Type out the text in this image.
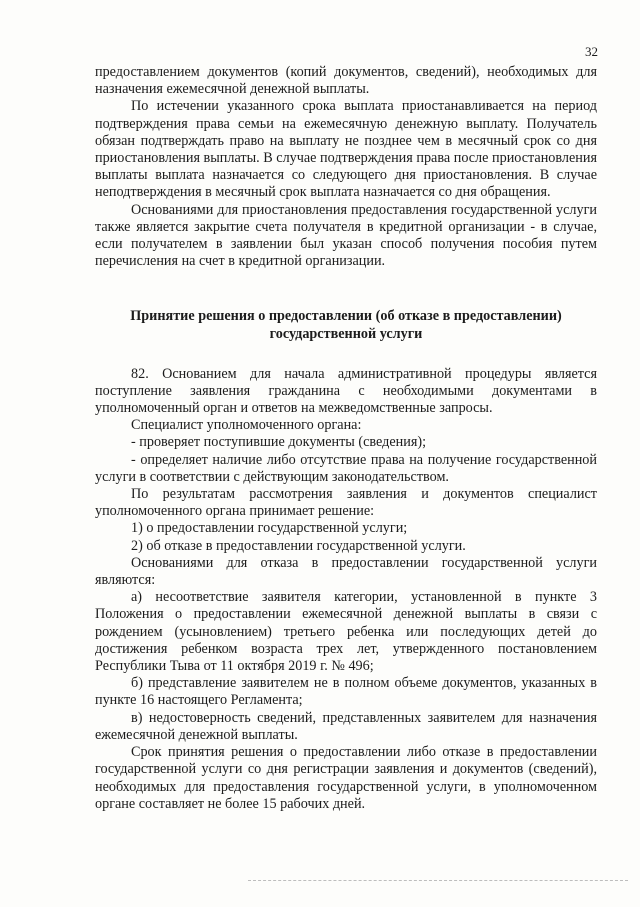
32

предоставлением документов (копий документов, сведений), необходимых для назначения ежемесячной денежной выплаты.

По истечении указанного срока выплата приостанавливается на период подтверждения права семьи на ежемесячную денежную выплату. Получатель обязан подтверждать право на выплату не позднее чем в месячный срок со дня приостановления выплаты. В случае подтверждения права после приостановления выплаты выплата назначается со следующего дня приостановления. В случае неподтверждения в месячный срок выплата назначается со дня обращения.

Основаниями для приостановления предоставления государственной услуги также является закрытие счета получателя в кредитной организации - в случае, если получателем в заявлении был указан способ получения пособия путем перечисления на счет в кредитной организации.

Принятие решения о предоставлении (об отказе в предоставлении) государственной услуги

82. Основанием для начала административной процедуры является поступление заявления гражданина с необходимыми документами в уполномоченный орган и ответов на межведомственные запросы.

Специалист уполномоченного органа:

- проверяет поступившие документы (сведения);

- определяет наличие либо отсутствие права на получение государственной услуги в соответствии с действующим законодательством.

По результатам рассмотрения заявления и документов специалист уполномоченного органа принимает решение:

1) о предоставлении государственной услуги;

2) об отказе в предоставлении государственной услуги.

Основаниями для отказа в предоставлении государственной услуги являются:

а) несоответствие заявителя категории, установленной в пункте 3 Положения о предоставлении ежемесячной денежной выплаты в связи с рождением (усыновлением) третьего ребенка или последующих детей до достижения ребенком возраста трех лет, утвержденного постановлением Республики Тыва от 11 октября 2019 г. № 496;

б) представление заявителем не в полном объеме документов, указанных в пункте 16 настоящего Регламента;

в) недостоверность сведений, представленных заявителем для назначения ежемесячной денежной выплаты.

Срок принятия решения о предоставлении либо отказе в предоставлении государственной услуги со дня регистрации заявления и документов (сведений), необходимых для предоставления государственной услуги, в уполномоченном органе составляет не более 15 рабочих дней.
